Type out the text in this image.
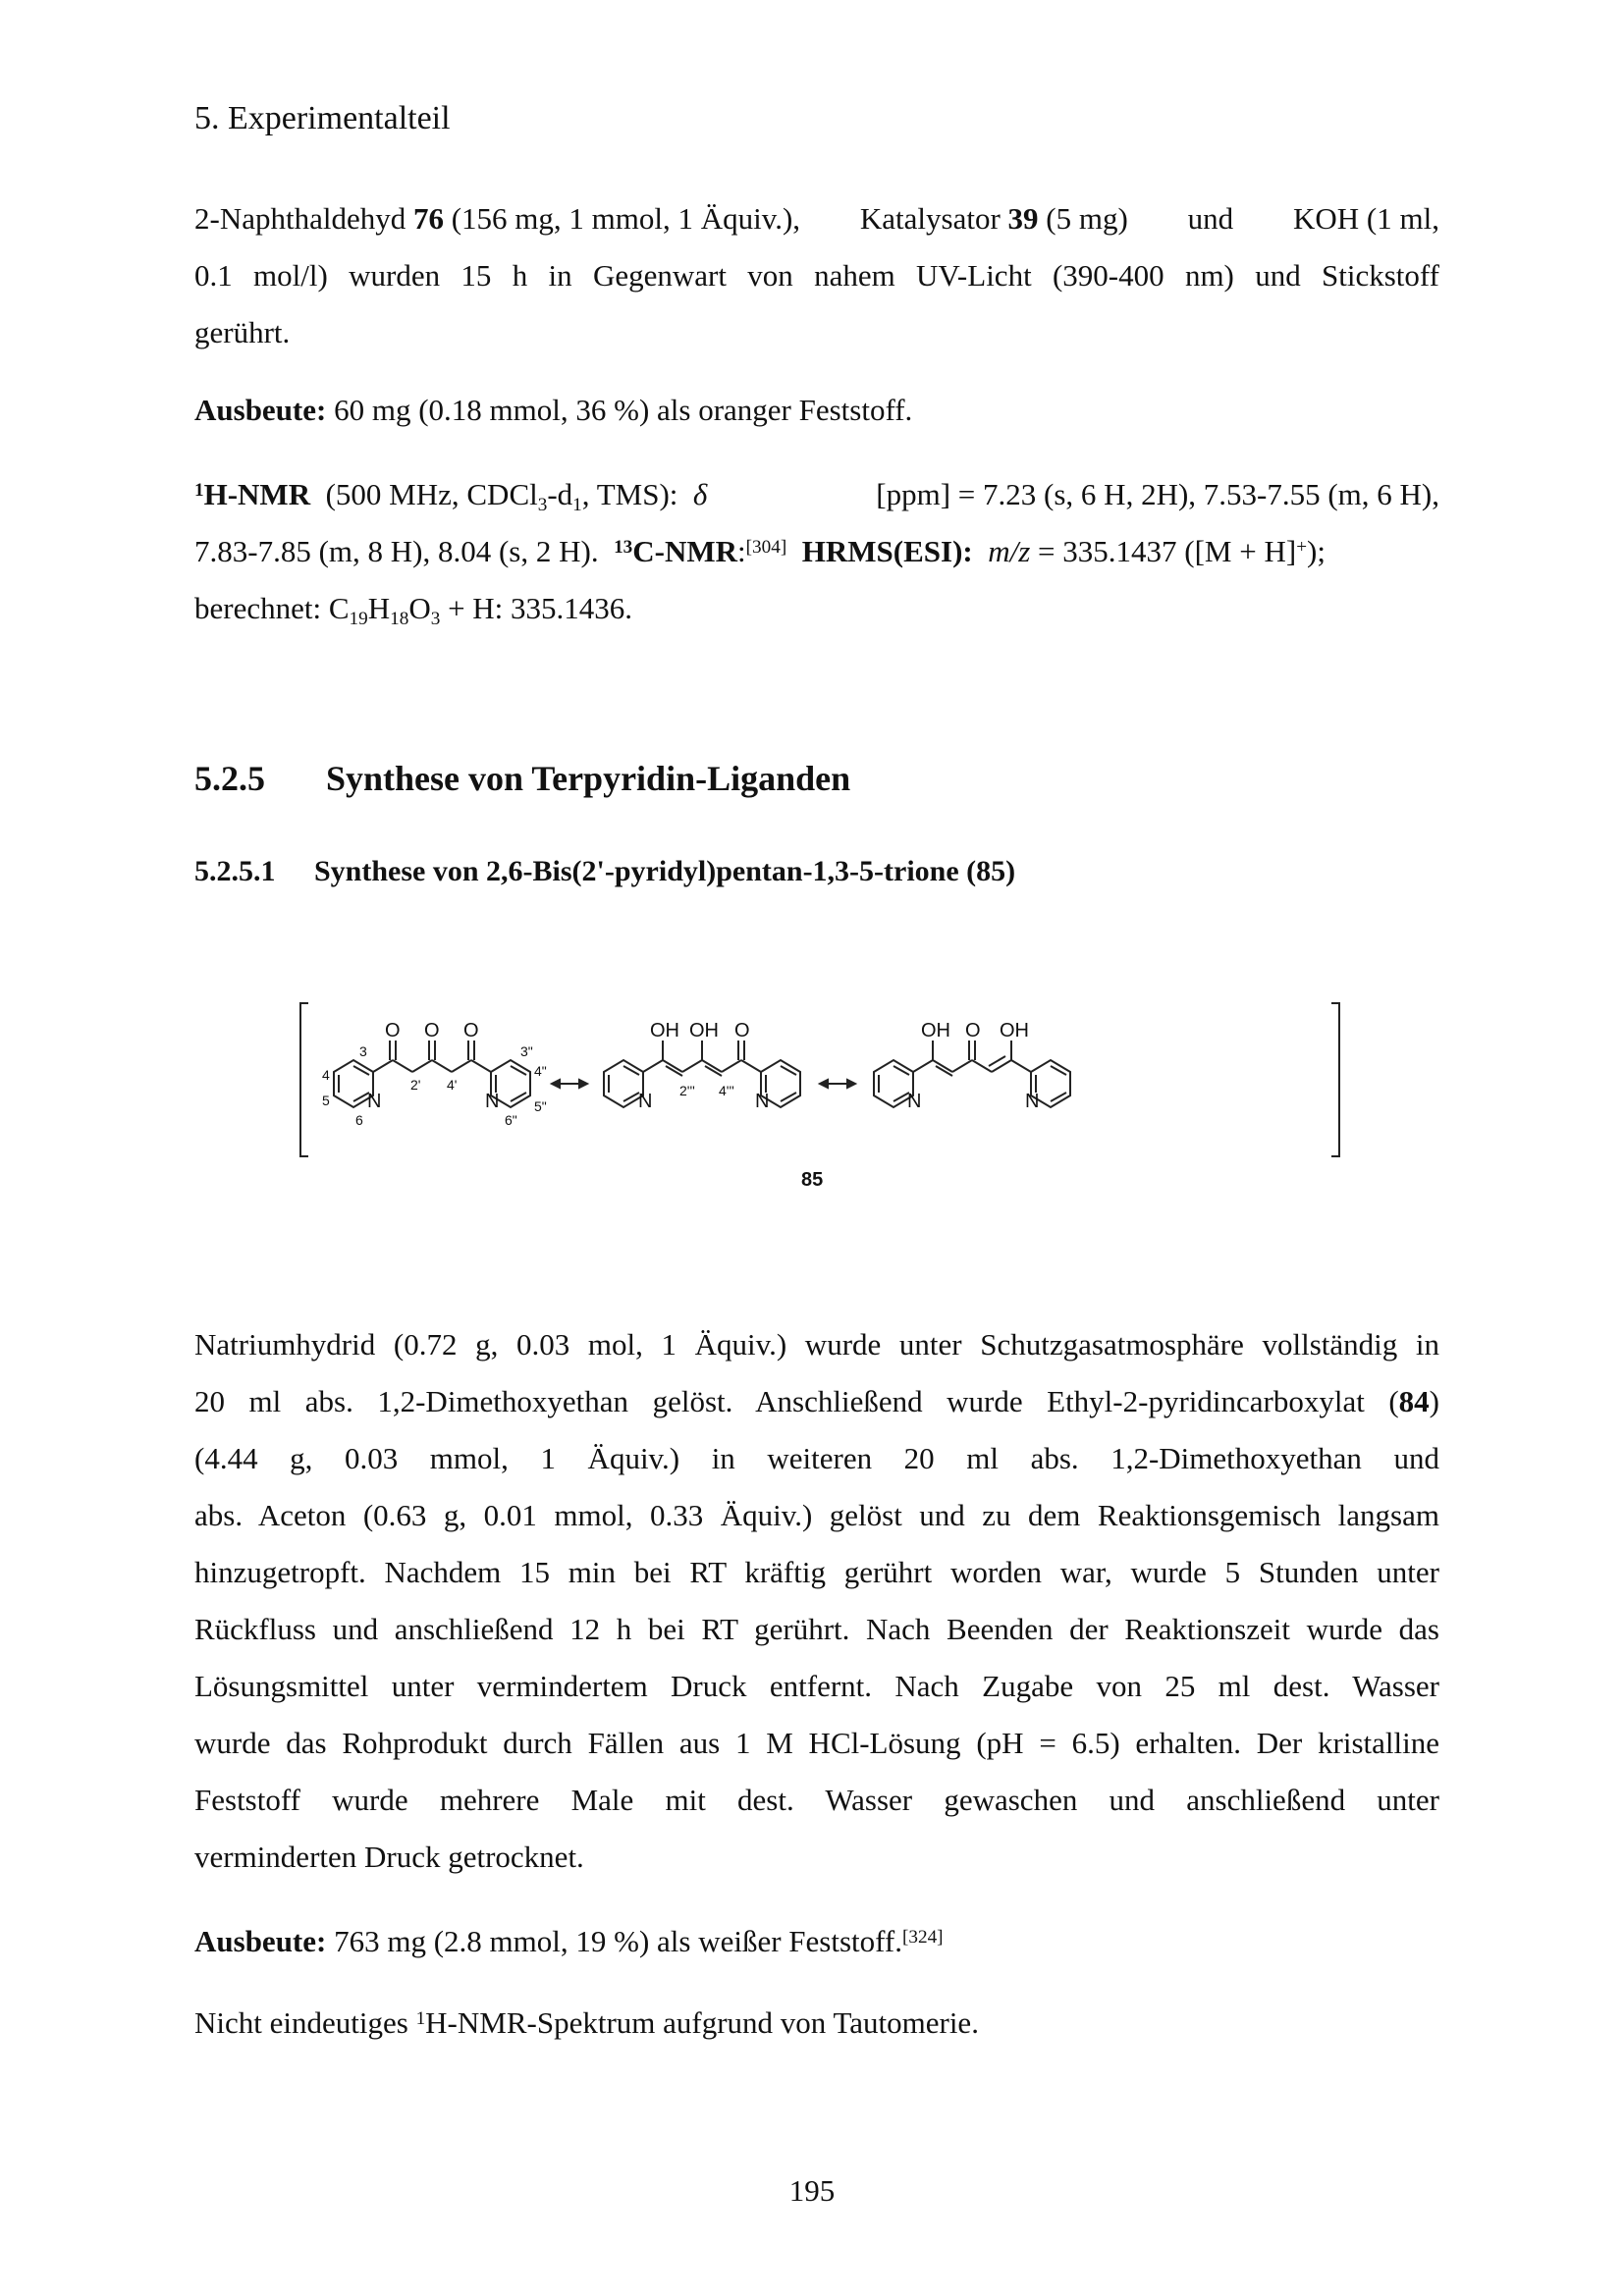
5. Experimentalteil
2-Naphthaldehyd 76 (156 mg, 1 mmol, 1 Äquiv.), Katalysator 39 (5 mg) und KOH (1 ml,
0.1 mol/l) wurden 15 h in Gegenwart von nahem UV-Licht (390-400 nm) und Stickstoff
gerührt.
Ausbeute: 60 mg (0.18 mmol, 36 %) als oranger Feststoff.
$^1$H-NMR (500 MHz, $CDCl_3-d_1$, TMS): δ	[ppm] = 7.23 (s, 6 H, 2H), 7.53-7.55 (m, 6 H),
7.83-7.85 (m, 8 H), 8.04 (s, 2 H). $^{13}$C-NMR:[304] HRMS(ESI): m/z = 335.1437 ([M + H]+);
berechnet: $C_{19}H_{18}O_3 + H$: 335.1436.
5.2.5 Synthese von Terpyridin-Liganden
5.2.5.1 Synthese von 2,6-Bis(2'-pyridyl)pentan-1,3-5-trione (85)
O O O
N	N
3
4
5
6
2' 4'
3"
4"
5"
6"
OH OH O
N	N
2''' 4'''
OH O OH
N	N
85
Natriumhydrid (0.72 g, 0.03 mol, 1 Äquiv.) wurde unter Schutzgasatmosphäre vollständig in
20 ml abs. 1,2-Dimethoxyethan gelöst. Anschließend wurde Ethyl-2-pyridincarboxylat (84)
(4.44 g, 0.03 mmol, 1 Äquiv.) in weiteren 20 ml abs. 1,2-Dimethoxyethan und
abs. Aceton (0.63 g, 0.01 mmol, 0.33 Äquiv.) gelöst und zu dem Reaktionsgemisch langsam
hinzugetropft. Nachdem 15 min bei RT kräftig gerührt worden war, wurde 5 Stunden unter
Rückfluss und anschließend 12 h bei RT gerührt. Nach Beenden der Reaktionszeit wurde das
Lösungsmittel unter vermindertem Druck entfernt. Nach Zugabe von 25 ml dest. Wasser
wurde das Rohprodukt durch Fällen aus 1 M HCl-Lösung (pH = 6.5) erhalten. Der kristalline
Feststoff wurde mehrere Male mit dest. Wasser gewaschen und anschließend unter
verminderten Druck getrocknet.
Ausbeute: 763 mg (2.8 mmol, 19 %) als weißer Feststoff.[324]
Nicht eindeutiges $^1$H-NMR-Spektrum aufgrund von Tautomerie.
195
